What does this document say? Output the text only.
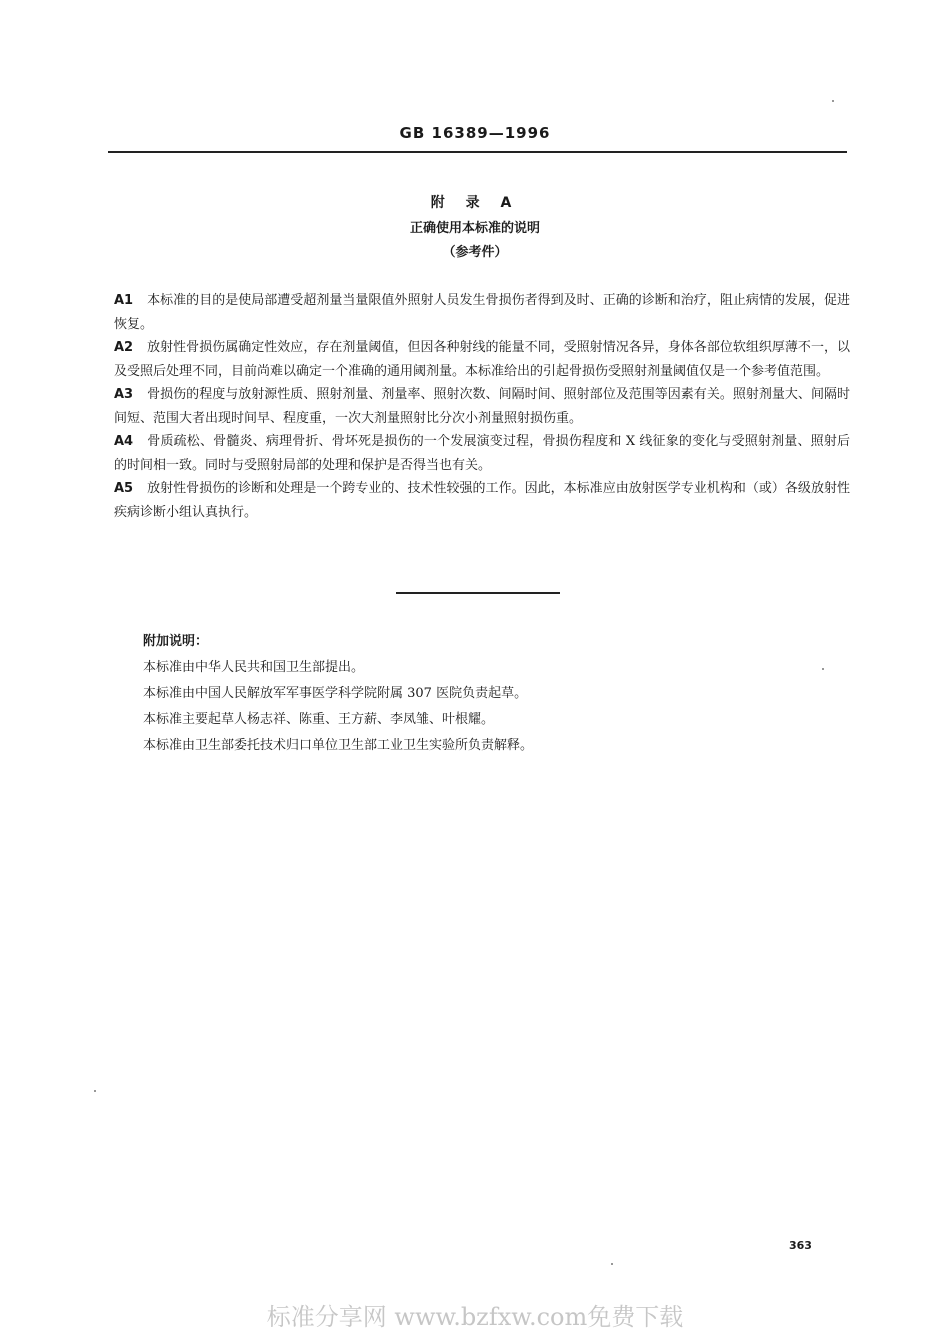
GB 16389—1996
附 录 A
正确使用本标准的说明
（参考件）

A1 本标准的目的是使局部遭受超剂量当量限值外照射人员发生骨损伤者得到及时、正确的诊断和治疗，阻止病情的发展，促进恢复。

A2 放射性骨损伤属确定性效应，存在剂量阈值，但因各种射线的能量不同，受照射情况各异，身体各部位软组织厚薄不一，以及受照后处理不同，目前尚难以确定一个准确的通用阈剂量。本标准给出的引起骨损伤受照射剂量阈值仅是一个参考值范围。

A3 骨损伤的程度与放射源性质、照射剂量、剂量率、照射次数、间隔时间、照射部位及范围等因素有关。照射剂量大、间隔时间短、范围大者出现时间早、程度重，一次大剂量照射比分次小剂量照射损伤重。

A4 骨质疏松、骨髓炎、病理骨折、骨坏死是损伤的一个发展演变过程，骨损伤程度和 X 线征象的变化与受照射剂量、照射后的时间相一致。同时与受照射局部的处理和保护是否得当也有关。

A5 放射性骨损伤的诊断和处理是一个跨专业的、技术性较强的工作。因此，本标准应由放射医学专业机构和（或）各级放射性疾病诊断小组认真执行。

附加说明：
本标准由中华人民共和国卫生部提出。
本标准由中国人民解放军军事医学科学院附属 307 医院负责起草。
本标准主要起草人杨志祥、陈重、王方薪、李凤雏、叶根耀。
本标准由卫生部委托技术归口单位卫生部工业卫生实验所负责解释。
363
标准分享网 www.bzfxw.com免费下载
